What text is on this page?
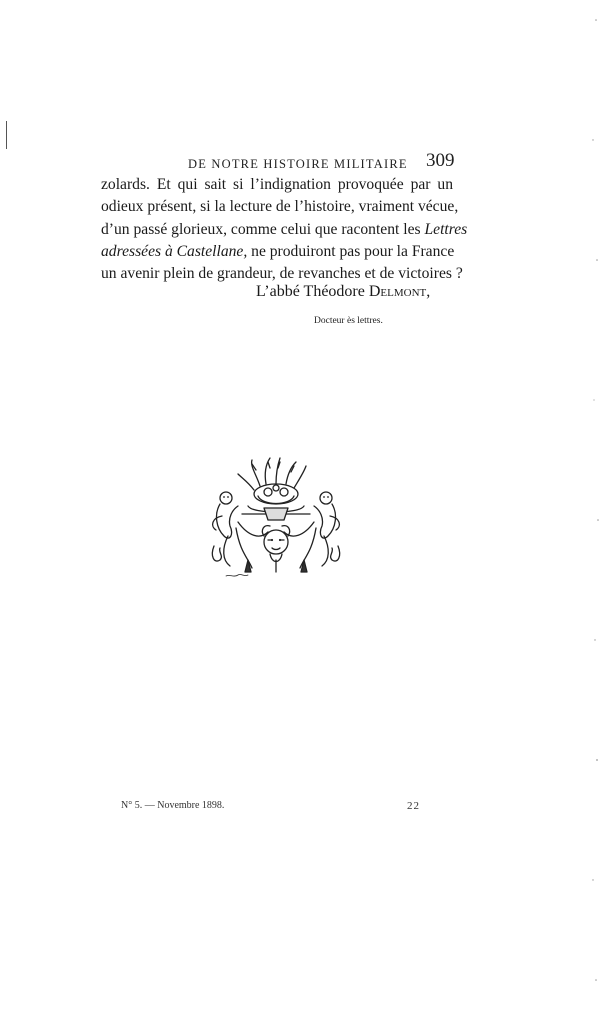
DE NOTRE HISTOIRE MILITAIRE 309
zolards. Et qui sait si l’indignation provoquée par un
odieux présent, si la lecture de l’histoire, vraiment vécue,
d’un passé glorieux, comme celui que racontent les Lettres
adressées à Castellane, ne produiront pas pour la France
un avenir plein de grandeur, de revanches et de victoires ?
L’abbé Théodore Delmont,
Docteur ès lettres.
N° 5. — Novembre 1898.	22
